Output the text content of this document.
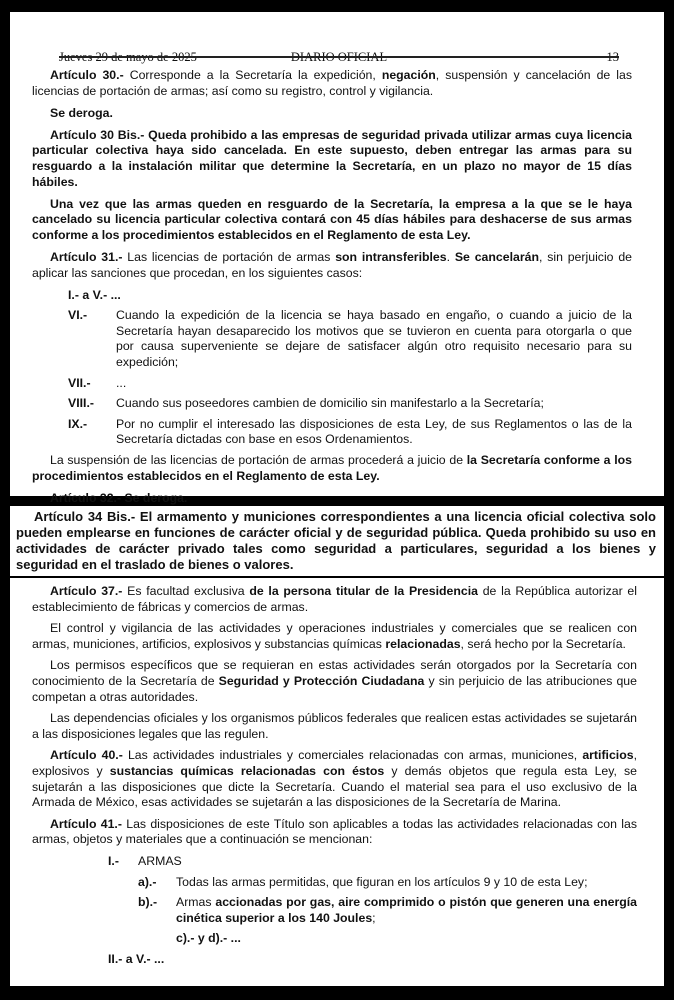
Artículo 30.- Corresponde a la Secretaría la expedición, negación, suspensión y cancelación de las licencias de portación de armas; así como su registro, control y vigilancia.

Se deroga.

Artículo 30 Bis.- Queda prohibido a las empresas de seguridad privada utilizar armas cuya licencia particular colectiva haya sido cancelada. En este supuesto, deben entregar las armas para su resguardo a la instalación militar que determine la Secretaría, en un plazo no mayor de 15 días hábiles.

Una vez que las armas queden en resguardo de la Secretaría, la empresa a la que se le haya cancelado su licencia particular colectiva contará con 45 días hábiles para deshacerse de sus armas conforme a los procedimientos establecidos en el Reglamento de esta Ley.

Artículo 31.- Las licencias de portación de armas son intransferibles. Se cancelarán, sin perjuicio de aplicar las sanciones que procedan, en los siguientes casos:

I.- a V.- ...
VI.- Cuando la expedición de la licencia se haya basado en engaño, o cuando a juicio de la Secretaría hayan desaparecido los motivos que se tuvieron en cuenta para otorgarla o que por causa superveniente se dejare de satisfacer algún otro requisito necesario para su expedición;
VII.- ...
VIII.- Cuando sus poseedores cambien de domicilio sin manifestarlo a la Secretaría;
IX.- Por no cumplir el interesado las disposiciones de esta Ley, de sus Reglamentos o las de la Secretaría dictadas con base en esos Ordenamientos.

La suspensión de las licencias de portación de armas procederá a juicio de la Secretaría conforme a los procedimientos establecidos en el Reglamento de esta Ley.

Artículo 32.- Se deroga.

Artículo 34 Bis.- El armamento y municiones correspondientes a una licencia oficial colectiva solo pueden emplearse en funciones de carácter oficial y de seguridad pública. Queda prohibido su uso en actividades de carácter privado tales como seguridad a particulares, seguridad a los bienes y seguridad en el traslado de bienes o valores.

Artículo 37.- Es facultad exclusiva de la persona titular de la Presidencia de la República autorizar el establecimiento de fábricas y comercios de armas.

El control y vigilancia de las actividades y operaciones industriales y comerciales que se realicen con armas, municiones, artificios, explosivos y substancias químicas relacionadas, será hecho por la Secretaría.

Los permisos específicos que se requieran en estas actividades serán otorgados por la Secretaría con conocimiento de la Secretaría de Seguridad y Protección Ciudadana y sin perjuicio de las atribuciones que competan a otras autoridades.

Las dependencias oficiales y los organismos públicos federales que realicen estas actividades se sujetarán a las disposiciones legales que las regulen.

Artículo 40.- Las actividades industriales y comerciales relacionadas con armas, municiones, artificios, explosivos y sustancias químicas relacionadas con éstos y demás objetos que regula esta Ley, se sujetarán a las disposiciones que dicte la Secretaría. Cuando el material sea para el uso exclusivo de la Armada de México, esas actividades se sujetarán a las disposiciones de la Secretaría de Marina.

Artículo 41.- Las disposiciones de este Título son aplicables a todas las actividades relacionadas con las armas, objetos y materiales que a continuación se mencionan:

I.- ARMAS
a).- Todas las armas permitidas, que figuran en los artículos 9 y 10 de esta Ley;
b).- Armas accionadas por gas, aire comprimido o pistón que generen una energía cinética superior a los 140 Joules;
c).- y d).- ...
II.- a V.- ...
